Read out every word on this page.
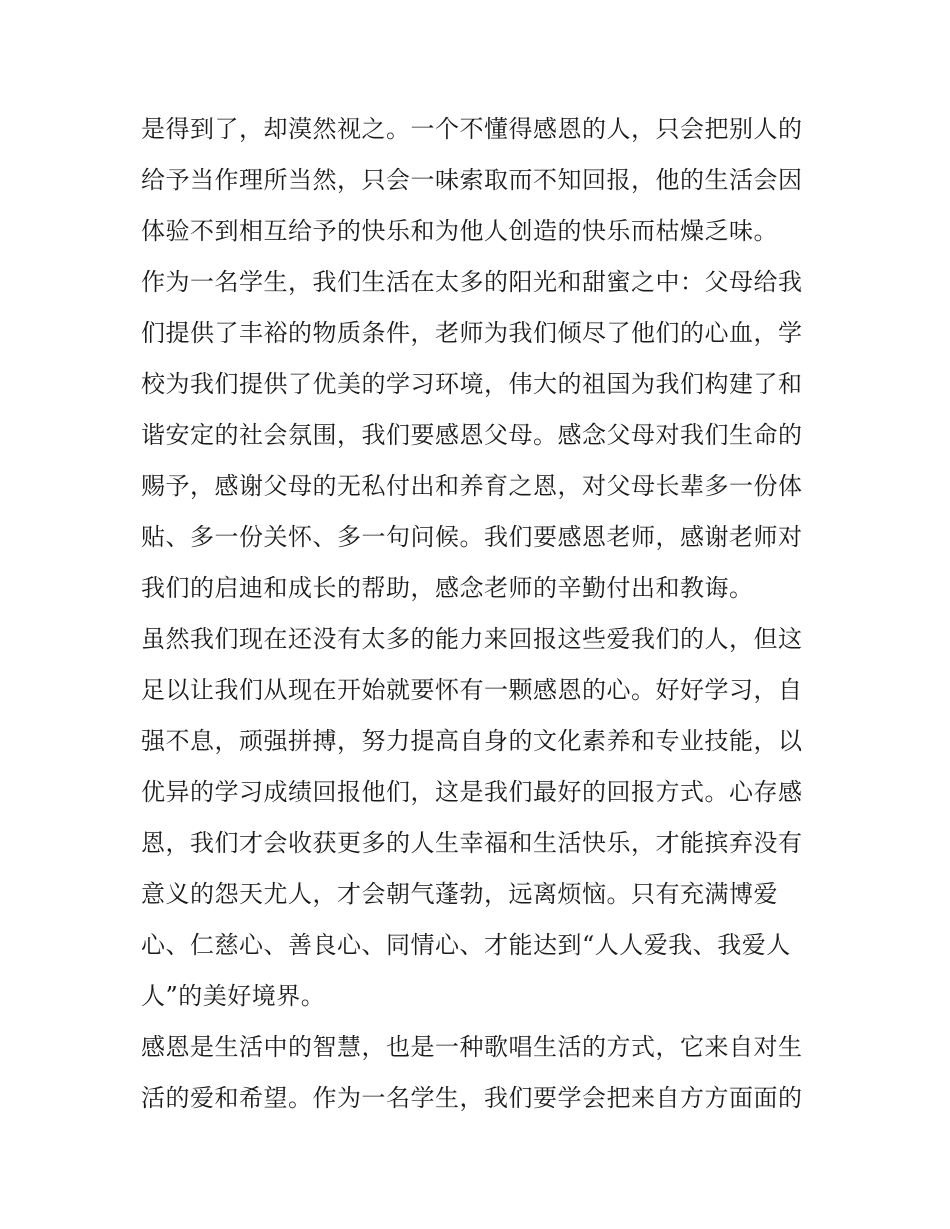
是得到了，却漠然视之。一个不懂得感恩的人，只会把别人的
给予当作理所当然，只会一味索取而不知回报，他的生活会因
体验不到相互给予的快乐和为他人创造的快乐而枯燥乏味。

作为一名学生，我们生活在太多的阳光和甜蜜之中：父母给我
们提供了丰裕的物质条件，老师为我们倾尽了他们的心血，学
校为我们提供了优美的学习环境，伟大的祖国为我们构建了和
谐安定的社会氛围，我们要感恩父母。感念父母对我们生命的
赐予，感谢父母的无私付出和养育之恩，对父母长辈多一份体
贴、多一份关怀、多一句问候。我们要感恩老师，感谢老师对
我们的启迪和成长的帮助，感念老师的辛勤付出和教诲。

虽然我们现在还没有太多的能力来回报这些爱我们的人，但这
足以让我们从现在开始就要怀有一颗感恩的心。好好学习，自
强不息，顽强拼搏，努力提高自身的文化素养和专业技能，以
优异的学习成绩回报他们，这是我们最好的回报方式。心存感
恩，我们才会收获更多的人生幸福和生活快乐，才能摈弃没有
意义的怨天尤人，才会朝气蓬勃，远离烦恼。只有充满博爱
心、仁慈心、善良心、同情心、才能达到“人人爱我、我爱人
人”的美好境界。

感恩是生活中的智慧，也是一种歌唱生活的方式，它来自对生
活的爱和希望。作为一名学生，我们要学会把来自方方面面的
